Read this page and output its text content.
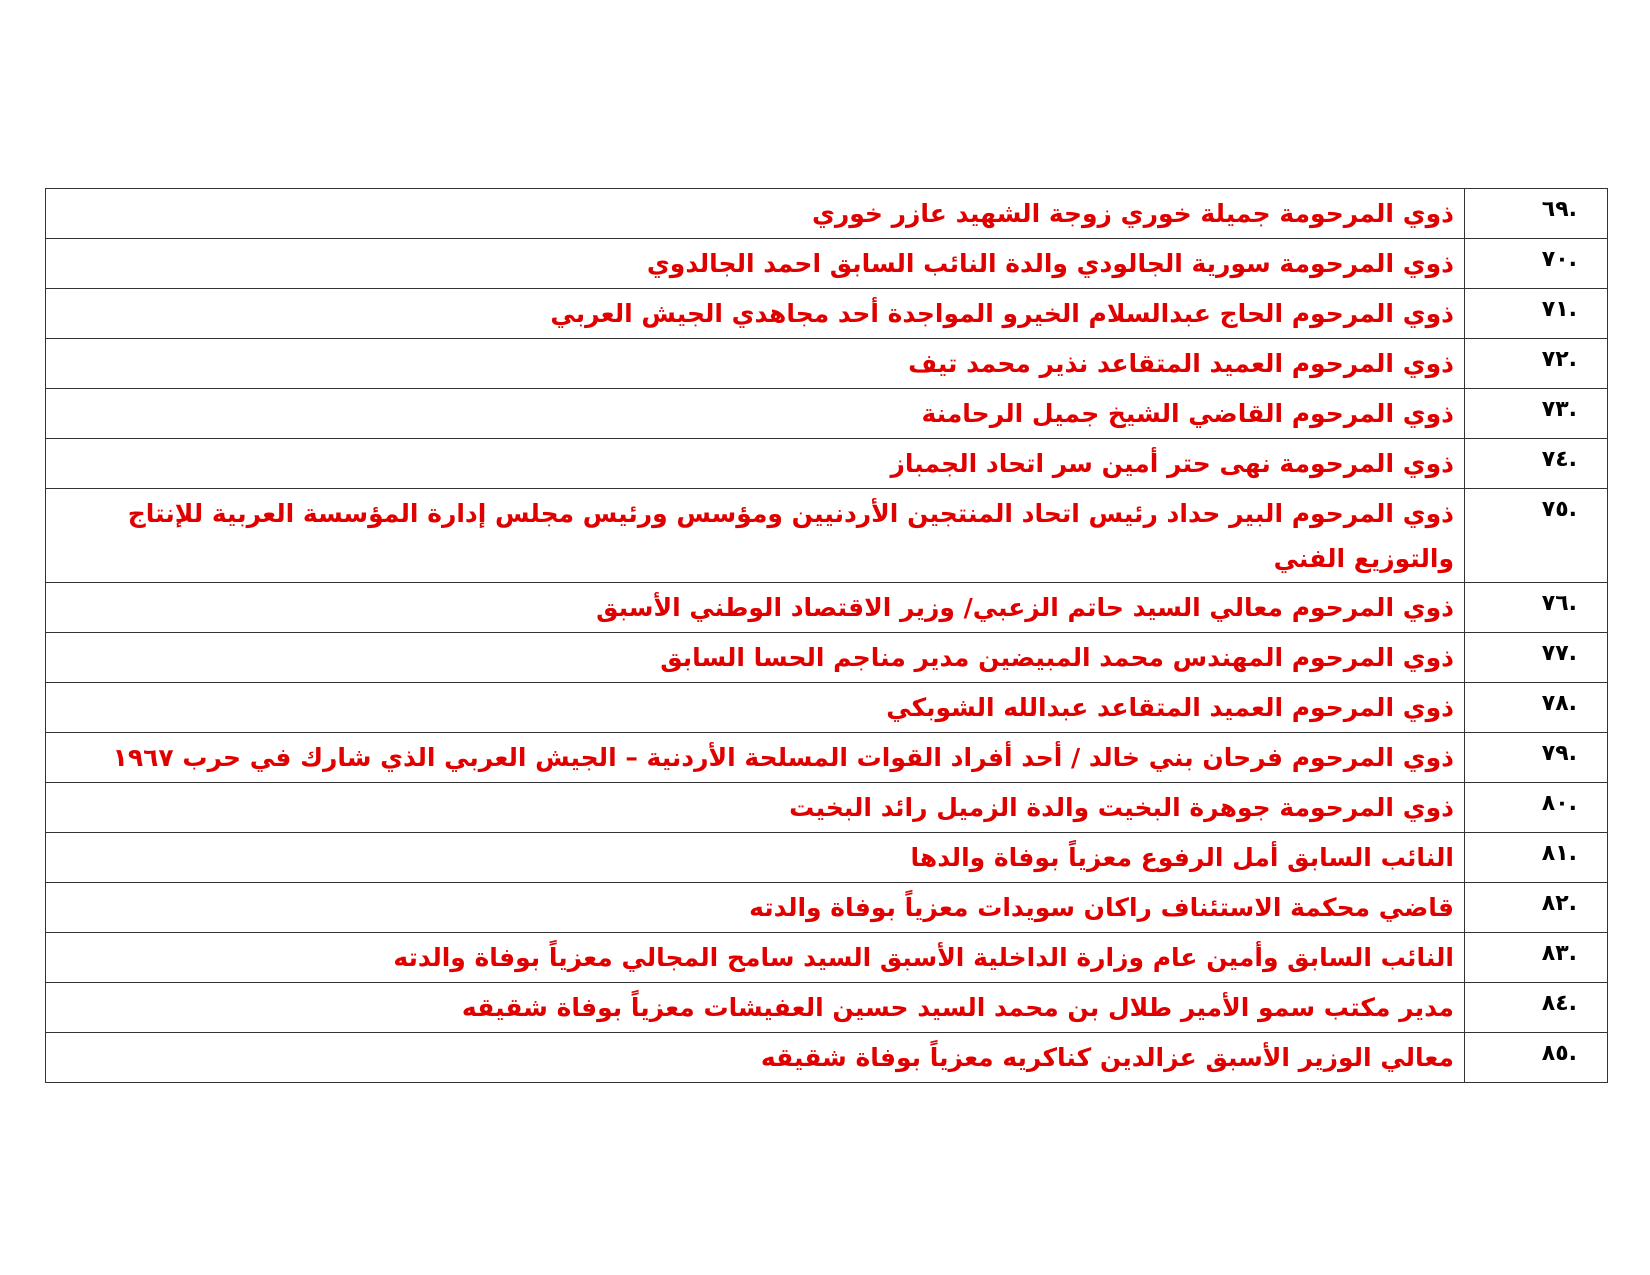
.٦٩	ذوي المرحومة جميلة خوري زوجة الشهيد عازر خوري
.٧٠	ذوي المرحومة سورية الجالودي والدة النائب السابق احمد الجالدوي
.٧١	ذوي المرحوم الحاج عبدالسلام الخيرو المواجدة أحد مجاهدي الجيش العربي
.٧٢	ذوي المرحوم العميد المتقاعد نذير محمد تيف
.٧٣	ذوي المرحوم القاضي الشيخ جميل الرحامنة
.٧٤	ذوي المرحومة نهى حتر أمين سر اتحاد الجمباز
.٧٥	ذوي المرحوم البير حداد رئيس اتحاد المنتجين الأردنيين ومؤسس ورئيس مجلس إدارة المؤسسة العربية للإنتاج والتوزيع الفني
.٧٦	ذوي المرحوم معالي السيد حاتم الزعبي/ وزير الاقتصاد الوطني الأسبق
.٧٧	ذوي المرحوم المهندس محمد المبيضين مدير مناجم الحسا السابق
.٧٨	ذوي المرحوم العميد المتقاعد عبدالله الشوبكي
.٧٩	ذوي المرحوم فرحان بني خالد / أحد أفراد القوات المسلحة الأردنية – الجيش العربي الذي شارك في حرب ١٩٦٧
.٨٠	ذوي المرحومة جوهرة البخيت والدة الزميل رائد البخيت
.٨١	النائب السابق أمل الرفوع معزياً بوفاة والدها
.٨٢	قاضي محكمة الاستئناف راكان سويدات معزياً بوفاة والدته
.٨٣	النائب السابق وأمين عام وزارة الداخلية الأسبق السيد سامح المجالي معزياً بوفاة والدته
.٨٤	مدير مكتب سمو الأمير طلال بن محمد السيد حسين العفيشات معزياً بوفاة شقيقه
.٨٥	معالي الوزير الأسبق عزالدين كناكريه معزياً بوفاة شقيقه
